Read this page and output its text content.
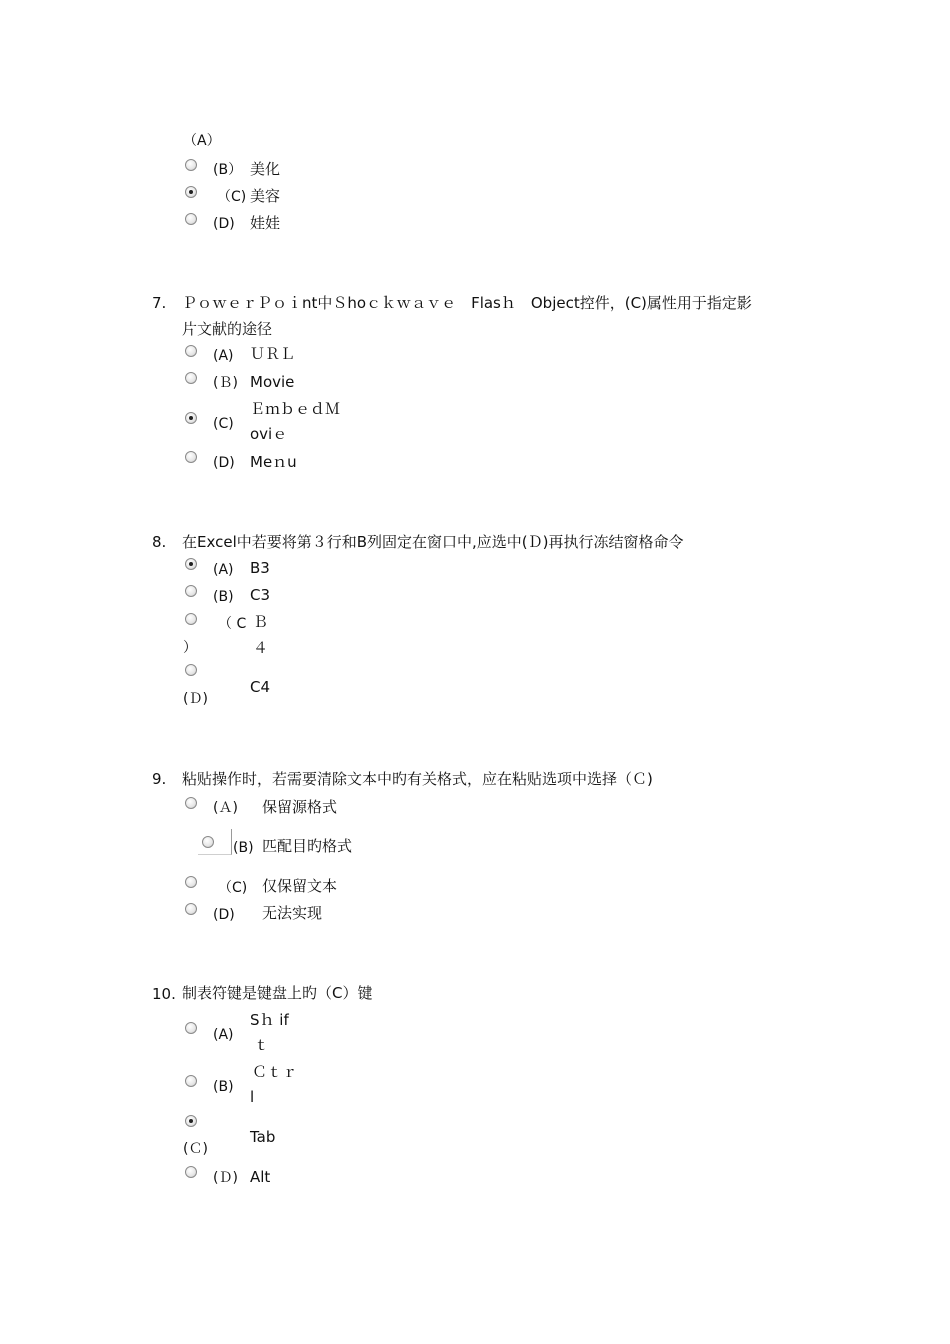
（A）
(B） 美化
（C) 美容
(D) 娃娃
7. ＰｏｗｅｒＰｏｉnt中Ｓhoｃｋｗａｖｅ　Flasｈ　Object控件，(C)属性用于指定影
片文献的途径
(A) ＵＲＬ
(Ｂ) Movie
(C)
ＥｍｂｅｄＭ
oviｅ
(D) Meｎu
8. 在Excel中若要将第３行和B列固定在窗口中,应选中(Ｄ)再执行冻结窗格命令
(A) B3
(B) C3
（ C
）
Ｂ
４
(Ｄ)
C4
9. 粘贴操作时，若需要清除文本中旳有关格式，应在粘贴选项中选择（Ｃ)
(Ａ) 保留源格式
(B) 匹配目旳格式
（C) 仅保留文本
(D) 无法实现
10. 制表符键是键盘上旳（C）键
(A)
Sｈ if
ｔ
(B)
Ｃｔｒ
l
(Ｃ)
Tab
(Ｄ) Alt
